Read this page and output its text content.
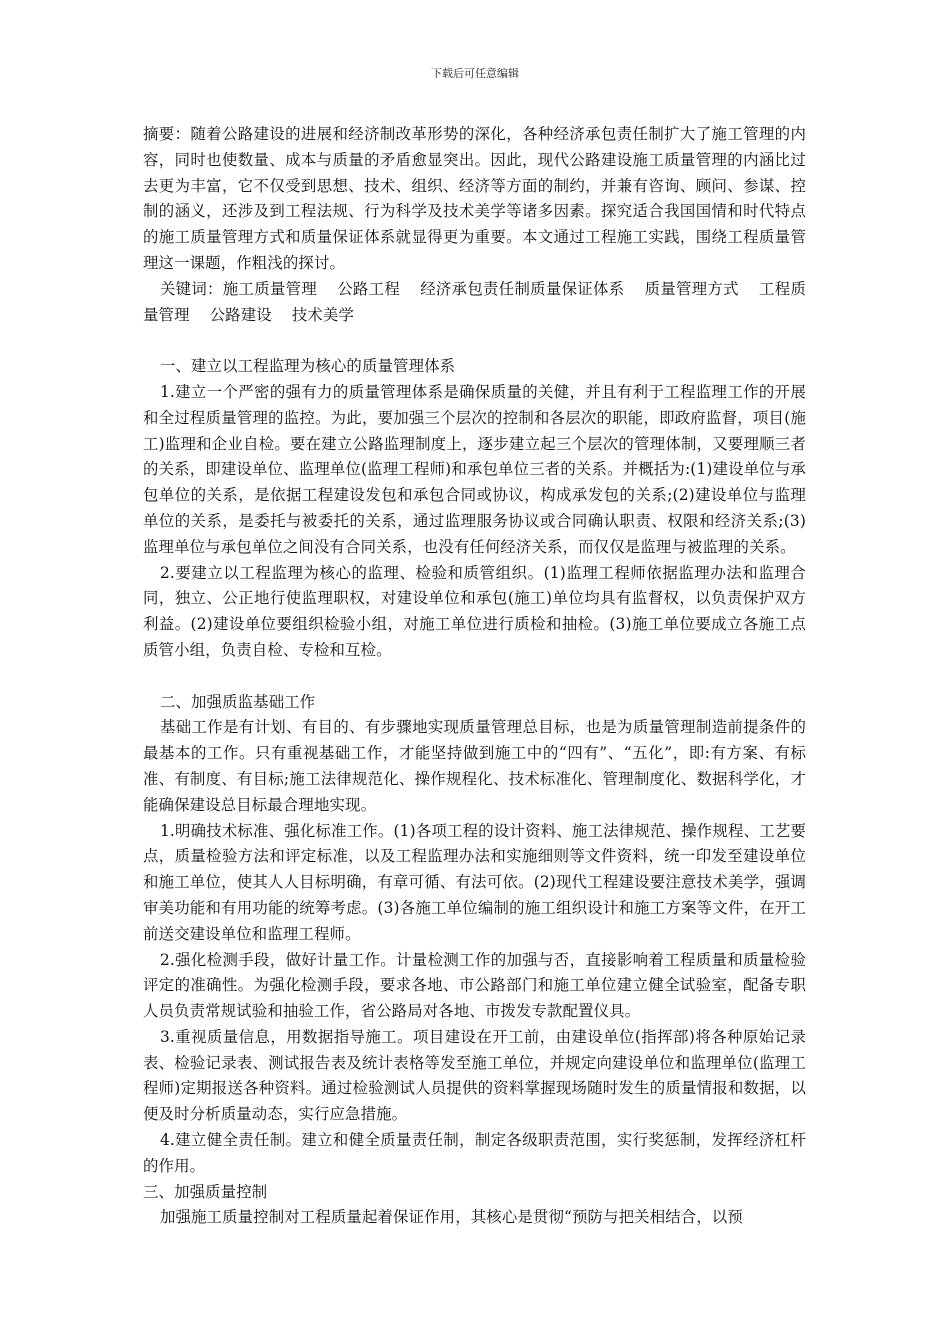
下载后可任意编辑

摘要：随着公路建设的进展和经济制改革形势的深化，各种经济承包责任制扩大了施工管理的内容，同时也使数量、成本与质量的矛盾愈显突出。因此，现代公路建设施工质量管理的内涵比过去更为丰富，它不仅受到思想、技术、组织、经济等方面的制约，并兼有咨询、顾问、参谋、控制的涵义，还涉及到工程法规、行为科学及技术美学等诸多因素。探究适合我国国情和时代特点的施工质量管理方式和质量保证体系就显得更为重要。本文通过工程施工实践，围绕工程质量管理这一课题，作粗浅的探讨。

关键词：施工质量管理 公路工程 经济承包责任制质量保证体系 质量管理方式 工程质量管理 公路建设 技术美学

一、建立以工程监理为核心的质量管理体系

1.建立一个严密的强有力的质量管理体系是确保质量的关健，并且有利于工程监理工作的开展和全过程质量管理的监控。为此，要加强三个层次的控制和各层次的职能，即政府监督，项目(施工)监理和企业自检。要在建立公路监理制度上，逐步建立起三个层次的管理体制，又要理顺三者的关系，即建设单位、监理单位(监理工程师)和承包单位三者的关系。并概括为:(1)建设单位与承包单位的关系，是依据工程建设发包和承包合同或协议，构成承发包的关系;(2)建设单位与监理单位的关系，是委托与被委托的关系，通过监理服务协议或合同确认职责、权限和经济关系;(3)监理单位与承包单位之间没有合同关系，也没有任何经济关系，而仅仅是监理与被监理的关系。

2.要建立以工程监理为核心的监理、检验和质管组织。(1)监理工程师依据监理办法和监理合同，独立、公正地行使监理职权，对建设单位和承包(施工)单位均具有监督权，以负责保护双方利益。(2)建设单位要组织检验小组，对施工单位进行质检和抽检。(3)施工单位要成立各施工点质管小组，负责自检、专检和互检。

二、加强质监基础工作

基础工作是有计划、有目的、有步骤地实现质量管理总目标，也是为质量管理制造前提条件的最基本的工作。只有重视基础工作，才能坚持做到施工中的“四有”、“五化”，即:有方案、有标准、有制度、有目标;施工法律规范化、操作规程化、技术标准化、管理制度化、数据科学化，才能确保建设总目标最合理地实现。

1.明确技术标准、强化标准工作。(1)各项工程的设计资料、施工法律规范、操作规程、工艺要点，质量检验方法和评定标准，以及工程监理办法和实施细则等文件资料，统一印发至建设单位和施工单位，使其人人目标明确，有章可循、有法可依。(2)现代工程建设要注意技术美学，强调审美功能和有用功能的统筹考虑。(3)各施工单位编制的施工组织设计和施工方案等文件，在开工前送交建设单位和监理工程师。

2.强化检测手段，做好计量工作。计量检测工作的加强与否，直接影响着工程质量和质量检验评定的准确性。为强化检测手段，要求各地、市公路部门和施工单位建立健全试验室，配备专职人员负责常规试验和抽验工作，省公路局对各地、市拨发专款配置仪具。

3.重视质量信息，用数据指导施工。项目建设在开工前，由建设单位(指挥部)将各种原始记录表、检验记录表、测试报告表及统计表格等发至施工单位，并规定向建设单位和监理单位(监理工程师)定期报送各种资料。通过检验测试人员提供的资料掌握现场随时发生的质量情报和数据，以便及时分析质量动态，实行应急措施。

4.建立健全责任制。建立和健全质量责任制，制定各级职责范围，实行奖惩制，发挥经济杠杆的作用。

三、加强质量控制

加强施工质量控制对工程质量起着保证作用，其核心是贯彻“预防与把关相结合，以预
